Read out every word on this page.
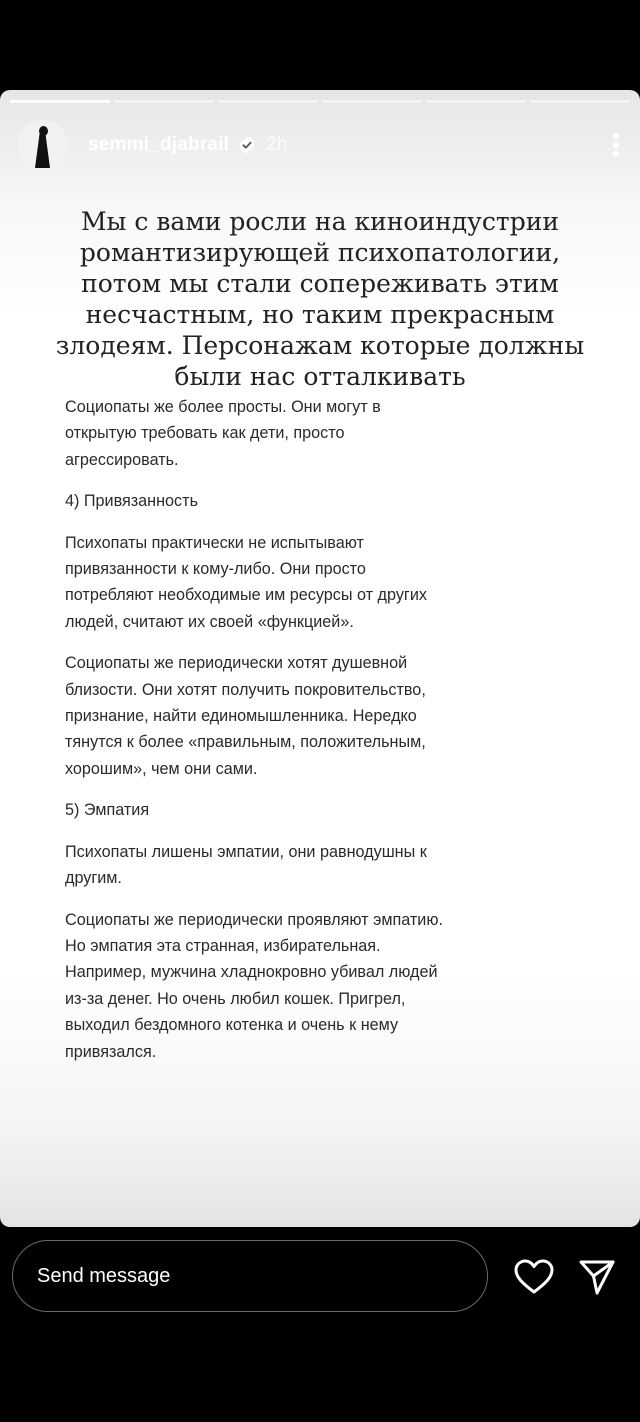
semmi_djabrail 2h
Мы с вами росли на киноиндустрии романтизирующей психопатологии, потом мы стали сопереживать этим несчастным, но таким прекрасным злодеям. Персонажам которые должны были нас отталкивать

Социопаты же более просты. Они могут в открытую требовать как дети, просто агрессировать.

4) Привязанность

Психопаты практически не испытывают привязанности к кому-либо. Они просто потребляют необходимые им ресурсы от других людей, считают их своей «функцией».

Социопаты же периодически хотят душевной близости. Они хотят получить покровительство, признание, найти единомышленника. Нередко тянутся к более «правильным, положительным, хорошим», чем они сами.

5) Эмпатия

Психопаты лишены эмпатии, они равнодушны к другим.

Социопаты же периодически проявляют эмпатию. Но эмпатия эта странная, избирательная. Например, мужчина хладнокровно убивал людей из-за денег. Но очень любил кошек. Пригрел, выходил бездомного котенка и очень к нему привязался.

Send message
